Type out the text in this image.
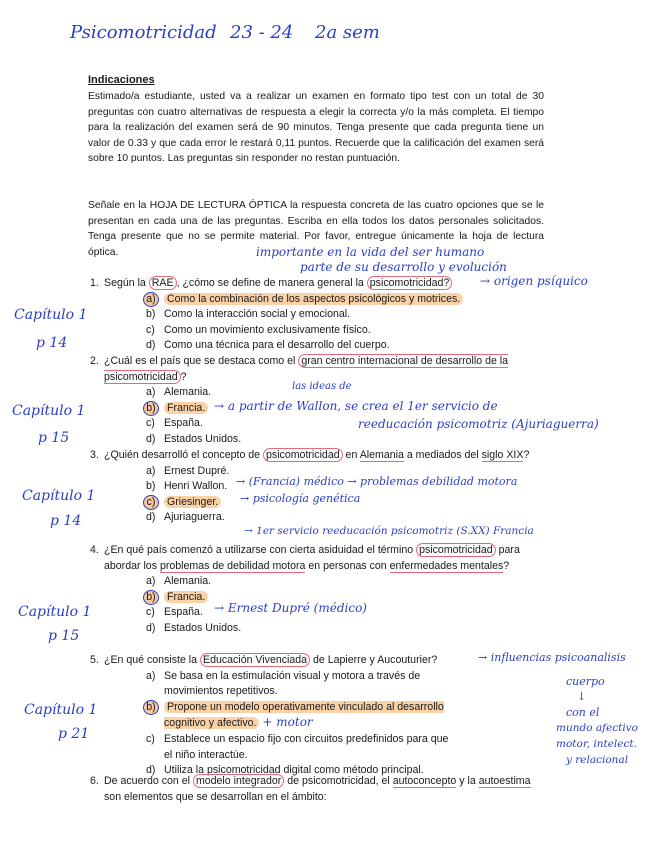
Psicomotricidad 23 - 24 2a sem
Indicaciones
Estimado/a estudiante, usted va a realizar un examen en formato tipo test con un total de 30 preguntas con cuatro alternativas de respuesta a elegir la correcta y/o la más completa. El tiempo para la realización del examen será de 90 minutos. Tenga presente que cada pregunta tiene un valor de 0.33 y que cada error le restará 0,11 puntos. Recuerde que la calificación del examen será sobre 10 puntos. Las preguntas sin responder no restan puntuación.
Señale en la HOJA DE LECTURA ÓPTICA la respuesta concreta de las cuatro opciones que se le presentan en cada una de las preguntas. Escriba en ella todos los datos personales solicitados. Tenga presente que no se permite material. Por favor, entregue únicamente la hoja de lectura óptica.	importante en la vida del ser humano
parte de su desarrollo y evolución
1. Según la RAE , ¿cómo se define de manera general la psicomotricidad?
a)	Como la combinación de los aspectos psicológicos y motrices.
b) Como la interacción social y emocional.
c) Como un movimiento exclusivamente físico.
d) Como una técnica para el desarrollo del cuerpo.
→ origen psíquico
las ideas de
2. ¿Cuál es el país que se destaca como el gran centro internacional de desarrollo de la psicomotricidad ?
a) Alemania.
b)	Francia.
c) España.
d) Estados Unidos.
→ a partir de Wallon, se crea el 1er servicio de
reeducación psicomotriz (Ajuriaguerra)
3. ¿Quién desarrolló el concepto de psicomotricidad en Alemania a mediados del siglo XIX?
a) Ernest Dupré.
b) Henri Wallon.
c)	Griesinger.
d) Ajuriaguerra.
→ (Francia) médico → problemas debilidad motora
→ psicología genética
→ 1er servicio reeducación psicomotriz (S.XX) Francia
4. ¿En qué país comenzó a utilizarse con cierta asiduidad el término psicomotricidad para abordar los problemas de debilidad motora en personas con enfermedades mentales?
a) Alemania.
b)	Francia.
c) España.
d) Estados Unidos.
→ Ernest Dupré (médico)
5. ¿En qué consiste la Educación Vivenciada de Lapierre y Aucouturier?
a) Se basa en la estimulación visual y motora a través de movimientos repetitivos.
b)	Propone un modelo operativamente vinculado al desarrollo cognitivo y afectivo. + motor
c) Establece un espacio fijo con circuitos predefinidos para que el niño interactúe.
d) Utiliza la psicomotricidad digital como método principal.
→ influencias psicoanalisis
cuerpo
↓
con el
mundo afectivo
motor, intelect.
y relacional
6. De acuerdo con el modelo integrador de psicomotricidad, el autoconcepto y la autoestima son elementos que se desarrollan en el ámbito:
Capítulo 1
p 14
Capítulo 1
p 15
Capítulo 1
p 14
Capítulo 1
p 15
Capítulo 1
p 21
